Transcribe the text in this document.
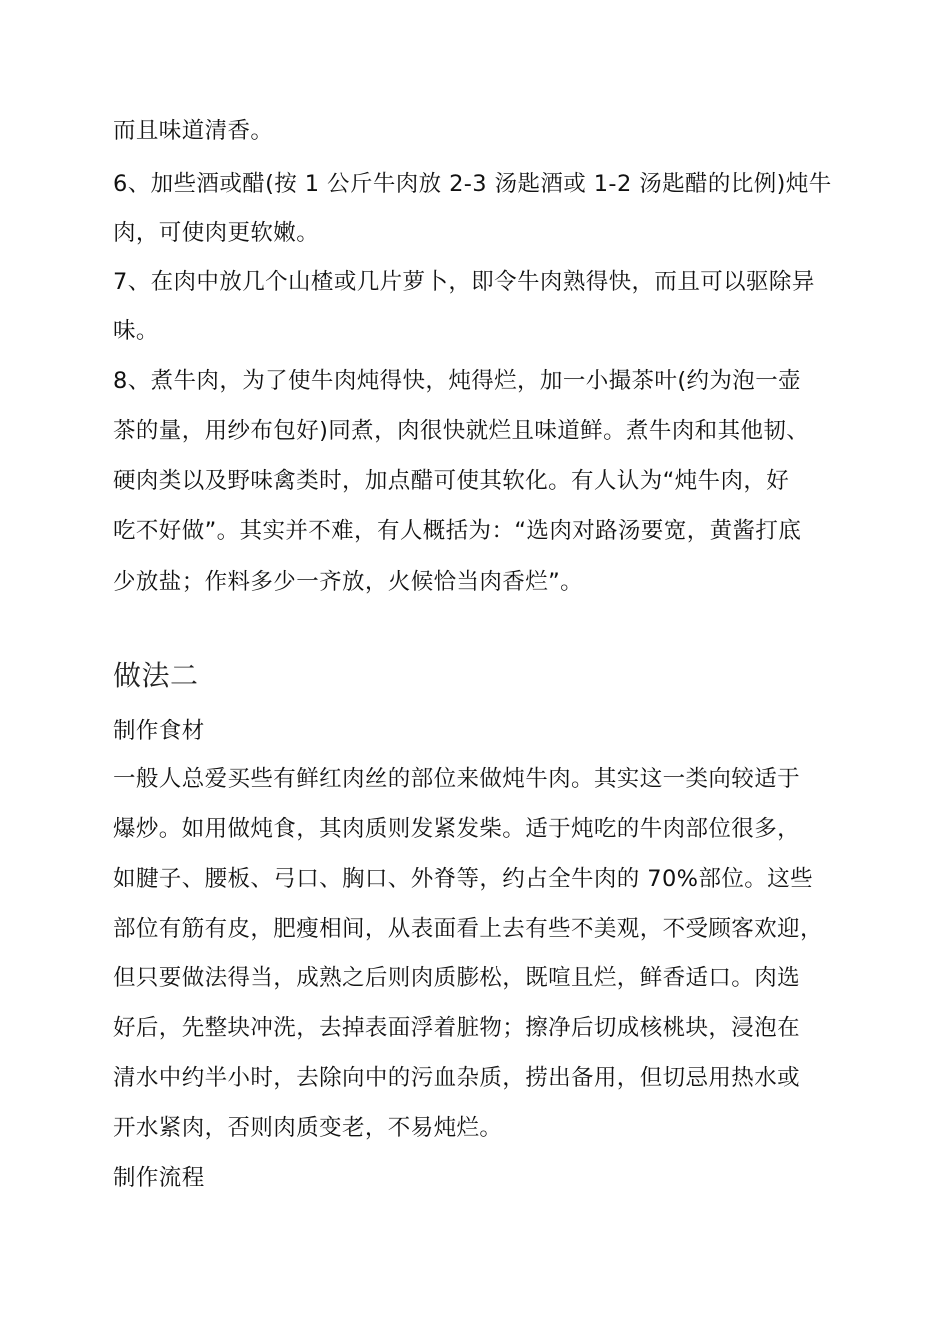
而且味道清香。
6、加些酒或醋(按 1 公斤牛肉放 2-3 汤匙酒或 1-2 汤匙醋的比例)炖牛
肉，可使肉更软嫩。
7、在肉中放几个山楂或几片萝卜，即令牛肉熟得快，而且可以驱除异
味。
8、煮牛肉，为了使牛肉炖得快，炖得烂，加一小撮茶叶(约为泡一壶
茶的量，用纱布包好)同煮，肉很快就烂且味道鲜。煮牛肉和其他韧、
硬肉类以及野味禽类时，加点醋可使其软化。有人认为“炖牛肉，好
吃不好做”。其实并不难，有人概括为：“选肉对路汤要宽，黄酱打底
少放盐；作料多少一齐放，火候恰当肉香烂”。
做法二
制作食材
一般人总爱买些有鲜红肉丝的部位来做炖牛肉。其实这一类向较适于
爆炒。如用做炖食，其肉质则发紧发柴。适于炖吃的牛肉部位很多，
如腱子、腰板、弓口、胸口、外脊等，约占全牛肉的 70%部位。这些
部位有筋有皮，肥瘦相间，从表面看上去有些不美观，不受顾客欢迎，
但只要做法得当，成熟之后则肉质膨松，既喧且烂，鲜香适口。肉选
好后，先整块冲洗，去掉表面浮着脏物；擦净后切成核桃块，浸泡在
清水中约半小时，去除向中的污血杂质，捞出备用，但切忌用热水或
开水紧肉，否则肉质变老，不易炖烂。
制作流程
